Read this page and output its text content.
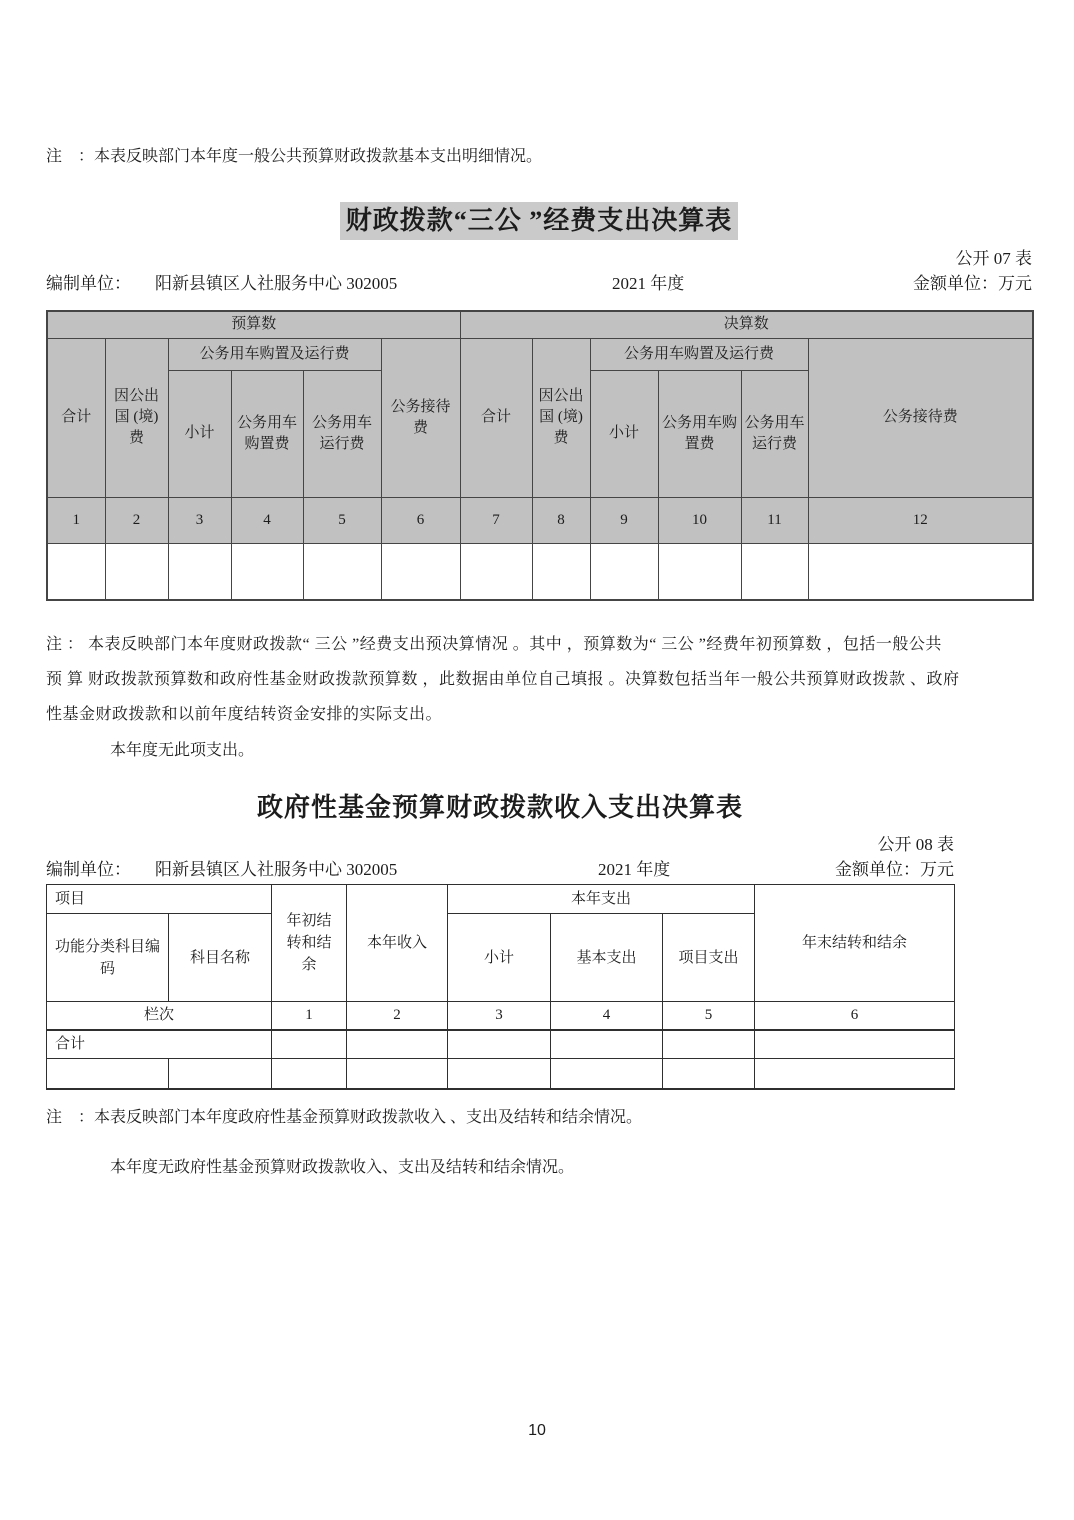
注　：本表反映部门本年度一般公共预算财政拨款基本支出明细情况。
财政拨款“三公 ”经费支出决算表
公开 07 表
编制单位： 阳新县镇区人社服务中心 302005	2021 年度	金额单位：万元
预算数						决算数					
合计	因公出国 (境) 费	公务用车购置及运行费			公务接待费	合计	因公出国 (境) 费	公务用车购置及运行费			公务接待费
		小计	公务用车购置费	公务用车运行费				小计	公务用车购置费	公务用车运行费	
1	2	3	4	5	6	7	8	9	10	11	12

注 ： 本表反映部门本年度财政拨款“ 三公 ”经费支出预决算情况 。其中 ，预算数为“ 三公 ”经费年初预算数 ，包括一般公共
预 算 财政拨款预算数和政府性基金财政拨款预算数 ，此数据由单位自己填报 。决算数包括当年一般公共预算财政拨款 、政府
性基金财政拨款和以前年度结转资金安排的实际支出。
本年度无此项支出。
政府性基金预算财政拨款收入支出决算表
公开 08 表
编制单位： 阳新县镇区人社服务中心 302005	2021 年度	金额单位：万元
项目		年初结转和结余	本年收入	本年支出			年末结转和结余
功能分类科目编码	科目名称			小计	基本支出	项目支出	
栏次		1	2	3	4	5	6
合计							

注　：本表反映部门本年度政府性基金预算财政拨款收入 、支出及结转和结余情况。
本年度无政府性基金预算财政拨款收入、支出及结转和结余情况。
10
